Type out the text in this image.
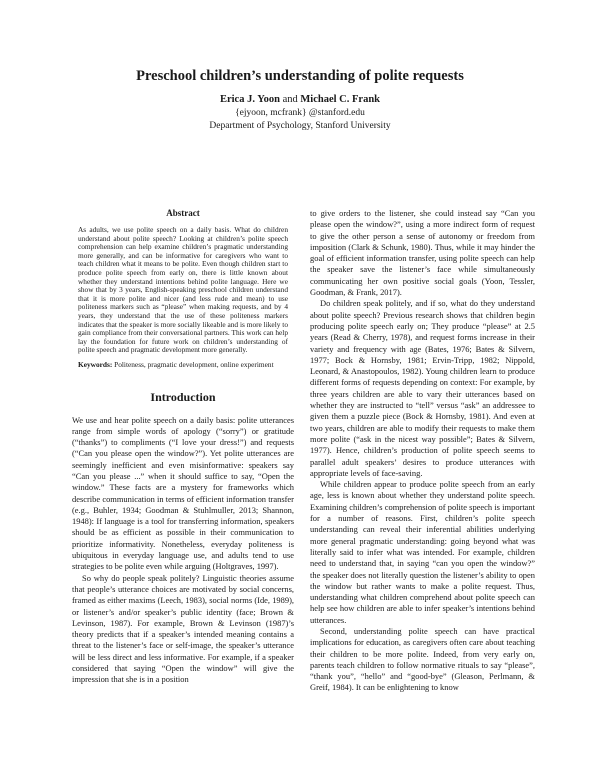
Preschool children’s understanding of polite requests
Erica J. Yoon and Michael C. Frank
{ejyoon, mcfrank} @stanford.edu
Department of Psychology, Stanford University
Abstract

As adults, we use polite speech on a daily basis. What do children understand about polite speech? Looking at children’s polite speech comprehension can help examine children’s pragmatic understanding more generally, and can be informative for caregivers who want to teach children what it means to be polite. Even though children start to produce polite speech from early on, there is little known about whether they understand intentions behind polite language. Here we show that by 3 years, English-speaking preschool children understand that it is more polite and nicer (and less rude and mean) to use politeness markers such as “please” when making requests, and by 4 years, they understand that the use of these politeness markers indicates that the speaker is more socially likeable and is more likely to gain compliance from their conversational partners. This work can help lay the foundation for future work on children’s understanding of polite speech and pragmatic development more generally.

Keywords: Politeness, pragmatic development, online experiment

Introduction

We use and hear polite speech on a daily basis: polite utterances range from simple words of apology (“sorry”) or gratitude (“thanks”) to compliments (“I love your dress!”) and requests (“Can you please open the window?”). Yet polite utterances are seemingly inefficient and even misinformative: speakers say “Can you please ...” when it should suffice to say, “Open the window.” These facts are a mystery for frameworks which describe communication in terms of efficient information transfer (e.g., Buhler, 1934; Goodman & Stuhlmuller, 2013; Shannon, 1948): If language is a tool for transferring information, speakers should be as efficient as possible in their communication to prioritize informativity. Nonetheless, everyday politeness is ubiquitous in everyday language use, and adults tend to use strategies to be polite even while arguing (Holtgraves, 1997).

So why do people speak politely? Linguistic theories assume that people’s utterance choices are motivated by social concerns, framed as either maxims (Leech, 1983), social norms (Ide, 1989), or listener’s and/or speaker’s public identity (face; Brown & Levinson, 1987). For example, Brown & Levinson (1987)’s theory predicts that if a speaker’s intended meaning contains a threat to the listener’s face or self-image, the speaker’s utterance will be less direct and less informative. For example, if a speaker considered that saying “Open the window” will give the impression that she is in a position

to give orders to the listener, she could instead say “Can you please open the window?”, using a more indirect form of request to give the other person a sense of autonomy or freedom from imposition (Clark & Schunk, 1980). Thus, while it may hinder the goal of efficient information transfer, using polite speech can help the speaker save the listener’s face while simultaneously communicating her own positive social goals (Yoon, Tessler, Goodman, & Frank, 2017).

Do children speak politely, and if so, what do they understand about polite speech? Previous research shows that children begin producing polite speech early on; They produce “please” at 2.5 years (Read & Cherry, 1978), and request forms increase in their variety and frequency with age (Bates, 1976; Bates & Silvern, 1977; Bock & Hornsby, 1981; Ervin-Tripp, 1982; Nippold, Leonard, & Anastopoulos, 1982). Young children learn to produce different forms of requests depending on context: For example, by three years children are able to vary their utterances based on whether they are instructed to “tell” versus “ask” an addressee to given them a puzzle piece (Bock & Hornsby, 1981). And even at two years, children are able to modify their requests to make them more polite (“ask in the nicest way possible”; Bates & Silvern, 1977). Hence, children’s production of polite speech seems to parallel adult speakers’ desires to produce utterances with appropriate levels of face-saving.

While children appear to produce polite speech from an early age, less is known about whether they understand polite speech. Examining children’s comprehension of polite speech is important for a number of reasons. First, children’s polite speech understanding can reveal their inferential abilities underlying more general pragmatic understanding: going beyond what was literally said to infer what was intended. For example, children need to understand that, in saying “can you open the window?” the speaker does not literally question the listener’s ability to open the window but rather wants to make a polite request. Thus, understanding what children comprehend about polite speech can help see how children are able to infer speaker’s intentions behind utterances.

Second, understanding polite speech can have practical implications for education, as caregivers often care about teaching their children to be more polite. Indeed, from very early on, parents teach children to follow normative rituals to say “please”, “thank you”, “hello” and “good-bye” (Gleason, Perlmann, & Greif, 1984). It can be enlightening to know
